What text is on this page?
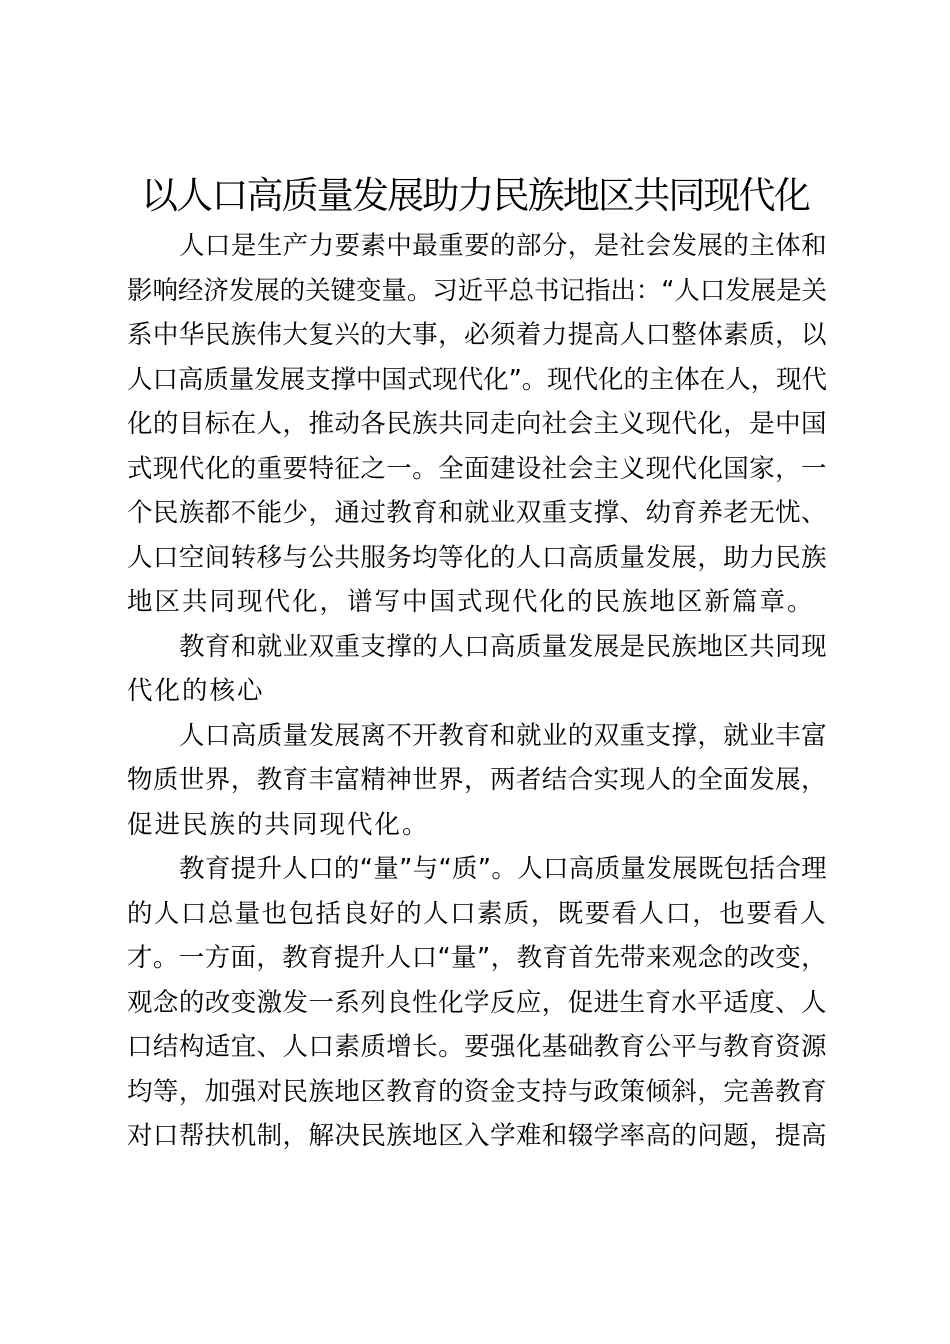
以人口高质量发展助力民族地区共同现代化
人口是生产力要素中最重要的部分，是社会发展的主体和
影响经济发展的关键变量。习近平总书记指出：“人口发展是关
系中华民族伟大复兴的大事，必须着力提高人口整体素质，以
人口高质量发展支撑中国式现代化”。现代化的主体在人，现代
化的目标在人，推动各民族共同走向社会主义现代化，是中国
式现代化的重要特征之一。全面建设社会主义现代化国家，一
个民族都不能少，通过教育和就业双重支撑、幼育养老无忧、
人口空间转移与公共服务均等化的人口高质量发展，助力民族
地区共同现代化，谱写中国式现代化的民族地区新篇章。
教育和就业双重支撑的人口高质量发展是民族地区共同现
代化的核心
人口高质量发展离不开教育和就业的双重支撑，就业丰富
物质世界，教育丰富精神世界，两者结合实现人的全面发展，
促进民族的共同现代化。
教育提升人口的“量”与“质”。人口高质量发展既包括合理
的人口总量也包括良好的人口素质，既要看人口，也要看人
才。一方面，教育提升人口“量”，教育首先带来观念的改变，
观念的改变激发一系列良性化学反应，促进生育水平适度、人
口结构适宜、人口素质增长。要强化基础教育公平与教育资源
均等，加强对民族地区教育的资金支持与政策倾斜，完善教育
对口帮扶机制，解决民族地区入学难和辍学率高的问题，提高
